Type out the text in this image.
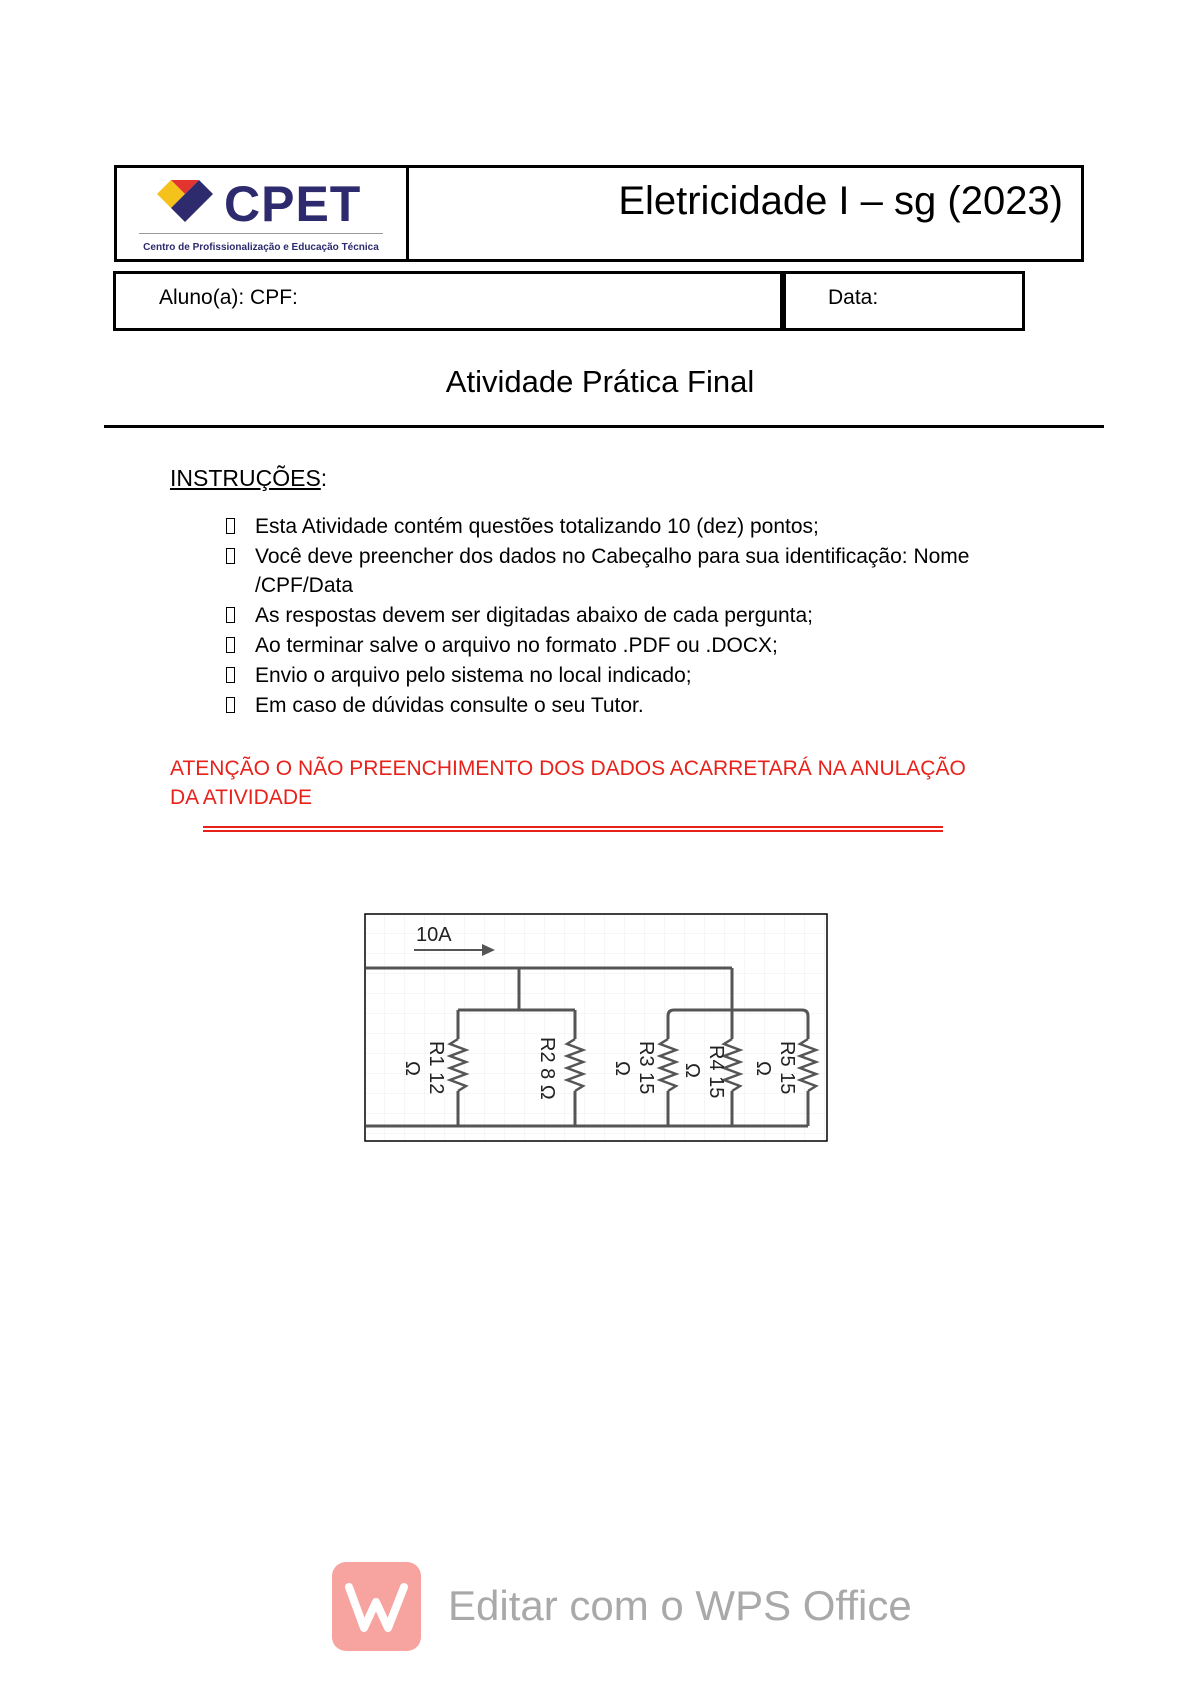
CPET
Centro de Profissionalização e Educação Técnica
Eletricidade I – sg (2023)
Aluno(a): CPF:	Data:
Atividade Prática Final
INSTRUÇÕES:
Esta Atividade contém questões totalizando 10 (dez) pontos;
Você deve preencher dos dados no Cabeçalho para sua identificação: Nome /CPF/Data
As respostas devem ser digitadas abaixo de cada pergunta;
Ao terminar salve o arquivo no formato .PDF ou .DOCX;
Envio o arquivo pelo sistema no local indicado;
Em caso de dúvidas consulte o seu Tutor.
ATENÇÃO O NÃO PREENCHIMENTO DOS DADOS ACARRETARÁ NA ANULAÇÃO DA ATIVIDADE
10A
R1 12
Ω	R2 8 Ω	R3 15
Ω	R4 15
Ω	R5 15
Ω
Editar com o WPS Office
